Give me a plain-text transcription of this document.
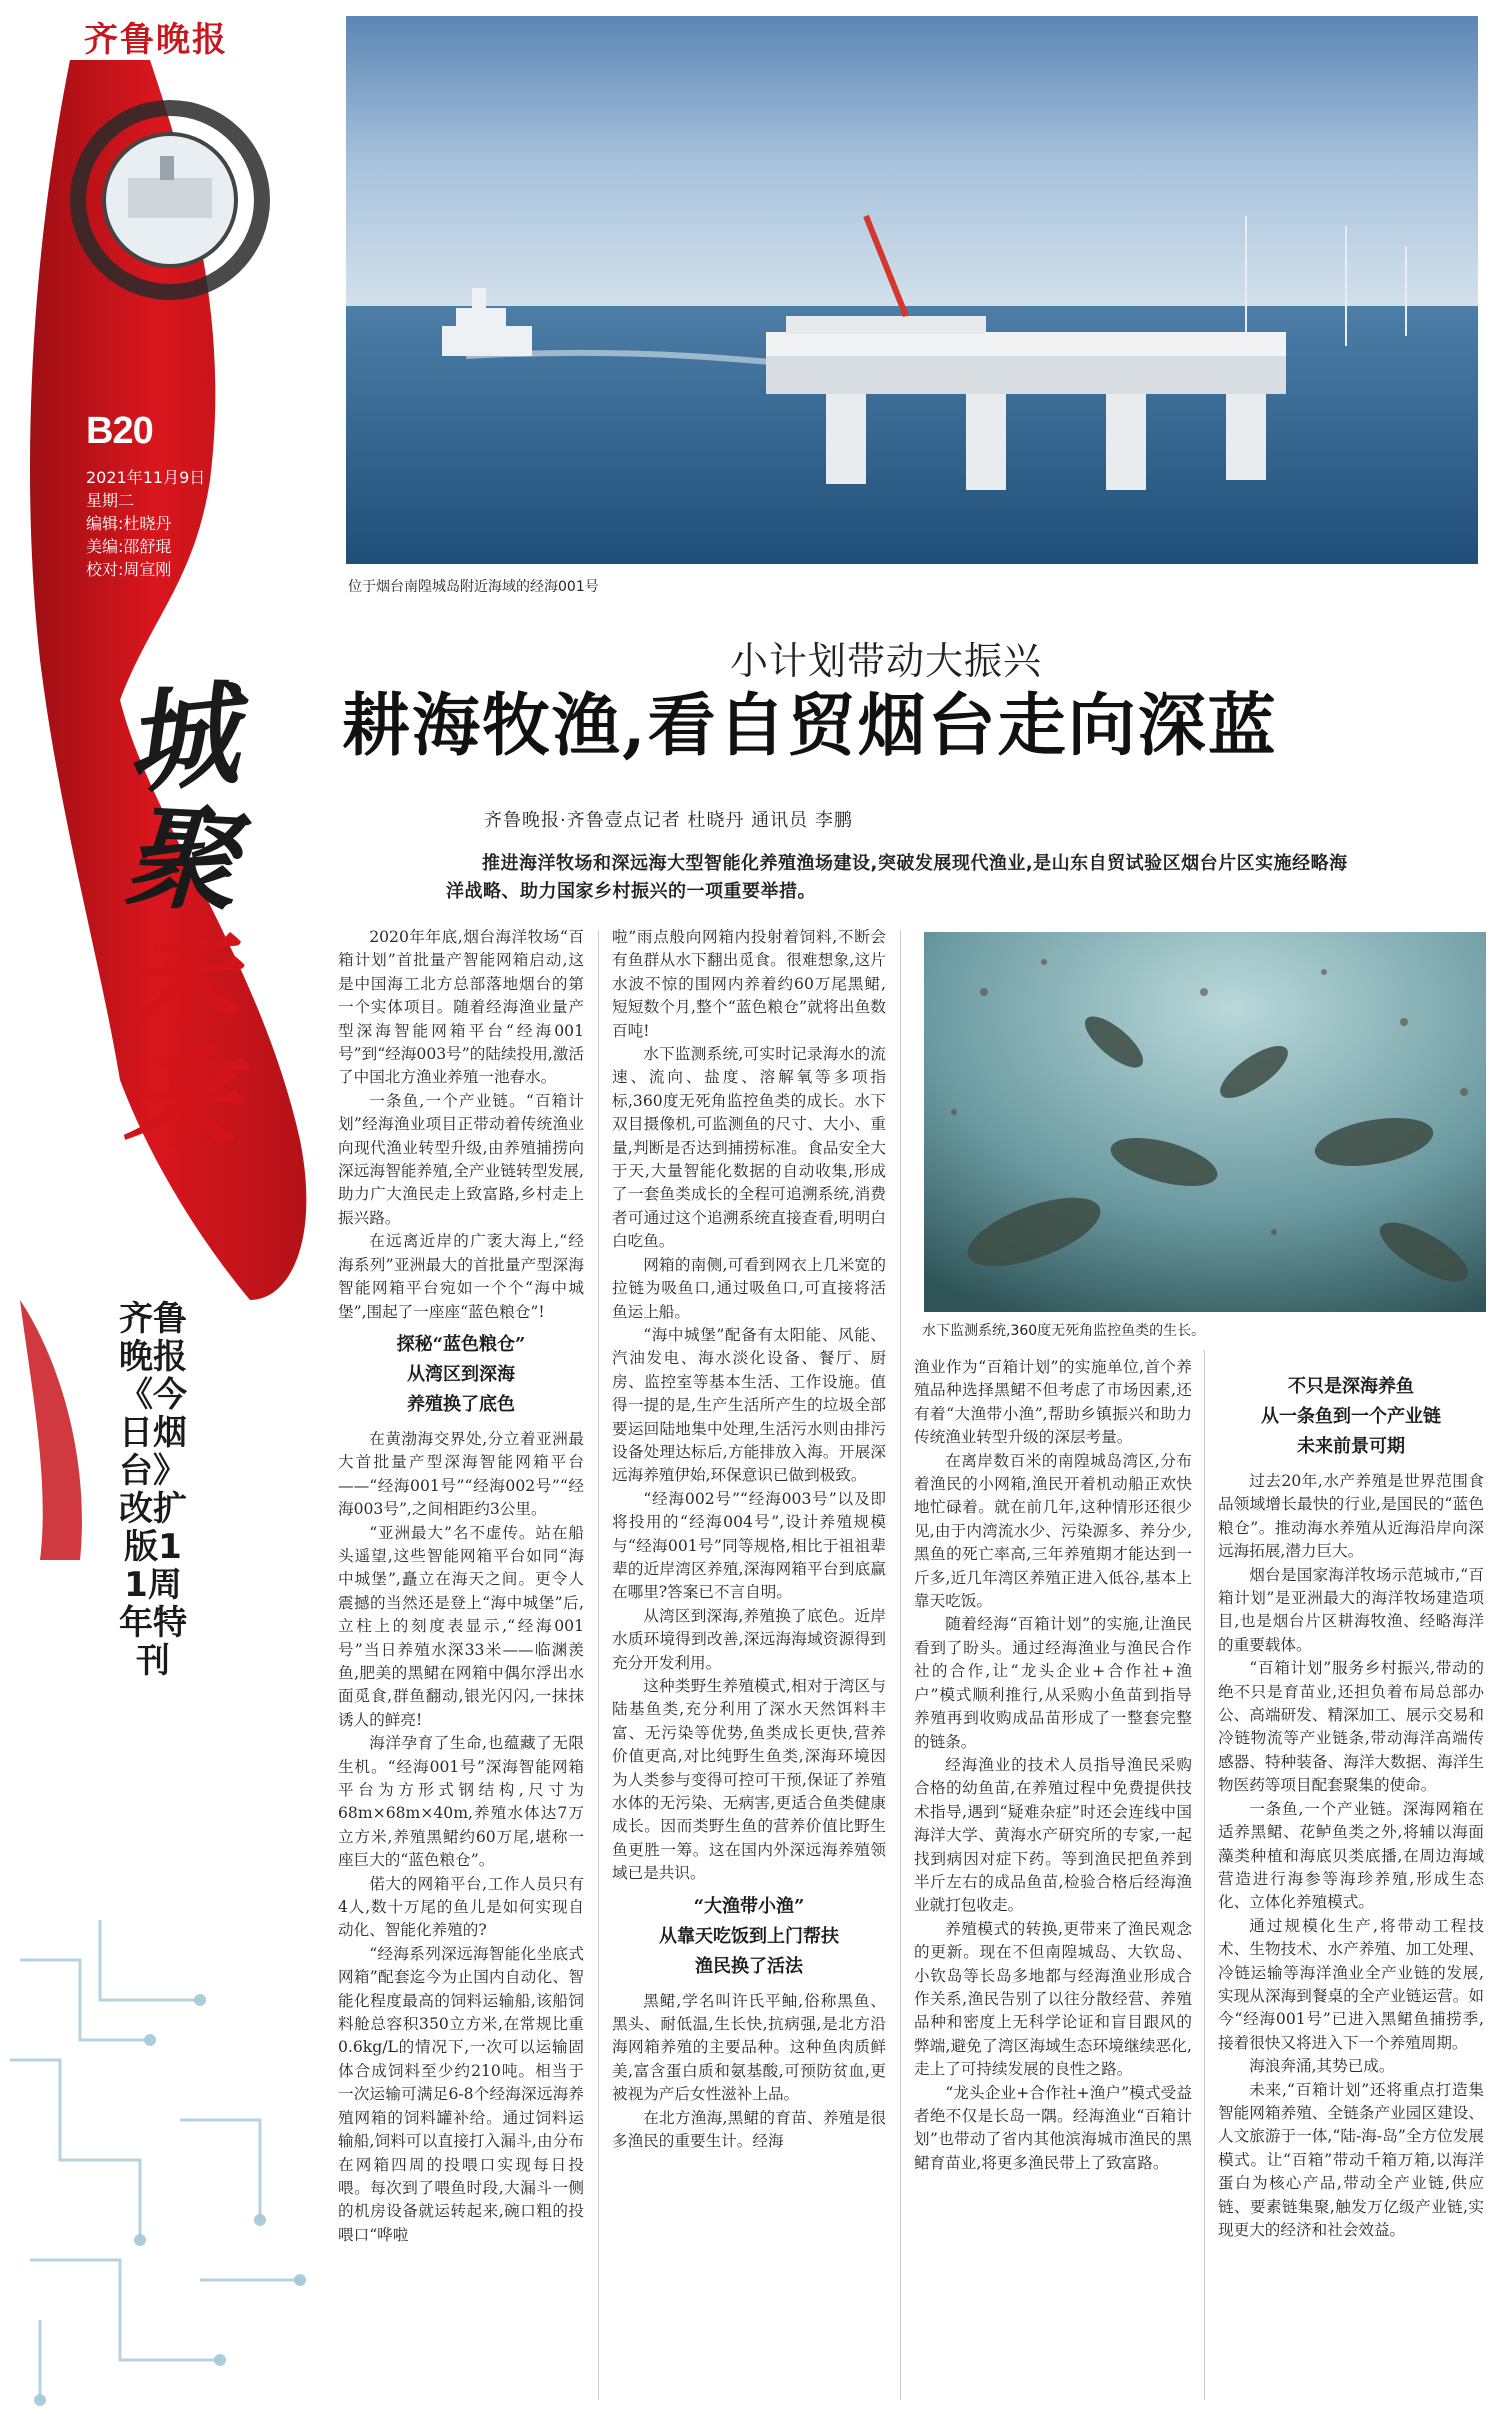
齐鲁晚报
B20
2021年11月9日
星期二
编辑:杜晓丹
美编:邵舒琨
校对:周宣刚
城
聚
未
来
齐鲁晚报《今日烟台》改扩版11周年特刊
位于烟台南隍城岛附近海域的经海001号
小计划带动大振兴
耕海牧渔,看自贸烟台走向深蓝
齐鲁晚报·齐鲁壹点记者 杜晓丹 通讯员 李鹏
推进海洋牧场和深远海大型智能化养殖渔场建设,突破发展现代渔业,是山东自贸试验区烟台片区实施经略海洋战略、助力国家乡村振兴的一项重要举措。

2020年年底,烟台海洋牧场“百箱计划”首批量产智能网箱启动,这是中国海工北方总部落地烟台的第一个实体项目。随着经海渔业量产型深海智能网箱平台“经海001号”到“经海003号”的陆续投用,激活了中国北方渔业养殖一池春水。

一条鱼,一个产业链。“百箱计划”经海渔业项目正带动着传统渔业向现代渔业转型升级,由养殖捕捞向深远海智能养殖,全产业链转型发展,助力广大渔民走上致富路,乡村走上振兴路。

在远离近岸的广袤大海上,“经海系列”亚洲最大的首批量产型深海智能网箱平台宛如一个个“海中城堡”,围起了一座座“蓝色粮仓”!

探秘“蓝色粮仓”
从湾区到深海
养殖换了底色

在黄渤海交界处,分立着亚洲最大首批量产型深海智能网箱平台——“经海001号”“经海002号”“经海003号”,之间相距约3公里。

“亚洲最大”名不虚传。站在船头遥望,这些智能网箱平台如同“海中城堡”,矗立在海天之间。更令人震撼的当然还是登上“海中城堡”后,立柱上的刻度表显示,“经海001号”当日养殖水深33米——临渊羡鱼,肥美的黑鲪在网箱中偶尔浮出水面觅食,群鱼翻动,银光闪闪,一抹抹诱人的鲜亮!

海洋孕育了生命,也蕴藏了无限生机。“经海001号”深海智能网箱平台为方形式钢结构,尺寸为68m×68m×40m,养殖水体达7万立方米,养殖黑鲪约60万尾,堪称一座巨大的“蓝色粮仓”。

偌大的网箱平台,工作人员只有4人,数十万尾的鱼儿是如何实现自动化、智能化养殖的?

“经海系列深远海智能化坐底式网箱”配套迄今为止国内自动化、智能化程度最高的饲料运输船,该船饲料舱总容积350立方米,在常规比重0.6kg/L的情况下,一次可以运输固体合成饲料至少约210吨。相当于一次运输可满足6-8个经海深远海养殖网箱的饲料罐补给。通过饲料运输船,饲料可以直接打入漏斗,由分布在网箱四周的投喂口实现每日投喂。每次到了喂鱼时段,大漏斗一侧的机房设备就运转起来,碗口粗的投喂口“哗啦

啦”雨点般向网箱内投射着饲料,不断会有鱼群从水下翻出觅食。很难想象,这片水波不惊的围网内养着约60万尾黑鲪,短短数个月,整个“蓝色粮仓”就将出鱼数百吨!

水下监测系统,可实时记录海水的流速、流向、盐度、溶解氧等多项指标,360度无死角监控鱼类的成长。水下双目摄像机,可监测鱼的尺寸、大小、重量,判断是否达到捕捞标准。食品安全大于天,大量智能化数据的自动收集,形成了一套鱼类成长的全程可追溯系统,消费者可通过这个追溯系统直接查看,明明白白吃鱼。

网箱的南侧,可看到网衣上几米宽的拉链为吸鱼口,通过吸鱼口,可直接将活鱼运上船。

“海中城堡”配备有太阳能、风能、汽油发电、海水淡化设备、餐厅、厨房、监控室等基本生活、工作设施。值得一提的是,生产生活所产生的垃圾全部要运回陆地集中处理,生活污水则由排污设备处理达标后,方能排放入海。开展深远海养殖伊始,环保意识已做到极致。

“经海002号”“经海003号”以及即将投用的“经海004号”,设计养殖规模与“经海001号”同等规格,相比于祖祖辈辈的近岸湾区养殖,深海网箱平台到底赢在哪里?答案已不言自明。

从湾区到深海,养殖换了底色。近岸水质环境得到改善,深远海海域资源得到充分开发利用。

这种类野生养殖模式,相对于湾区与陆基鱼类,充分利用了深水天然饵料丰富、无污染等优势,鱼类成长更快,营养价值更高,对比纯野生鱼类,深海环境因为人类参与变得可控可干预,保证了养殖水体的无污染、无病害,更适合鱼类健康成长。因而类野生鱼的营养价值比野生鱼更胜一筹。这在国内外深远海养殖领域已是共识。

“大渔带小渔”
从靠天吃饭到上门帮扶
渔民换了活法

黑鲪,学名叫许氏平鲉,俗称黑鱼、黑头、耐低温,生长快,抗病强,是北方沿海网箱养殖的主要品种。这种鱼肉质鲜美,富含蛋白质和氨基酸,可预防贫血,更被视为产后女性滋补上品。

在北方渔海,黑鲪的育苗、养殖是很多渔民的重要生计。经海

水下监测系统,360度无死角监控鱼类的生长。

渔业作为“百箱计划”的实施单位,首个养殖品种选择黑鲪不但考虑了市场因素,还有着“大渔带小渔”,帮助乡镇振兴和助力传统渔业转型升级的深层考量。

在离岸数百米的南隍城岛湾区,分布着渔民的小网箱,渔民开着机动船正欢快地忙碌着。就在前几年,这种情形还很少见,由于内湾流水少、污染源多、养分少,黑鱼的死亡率高,三年养殖期才能达到一斤多,近几年湾区养殖正进入低谷,基本上靠天吃饭。

随着经海“百箱计划”的实施,让渔民看到了盼头。通过经海渔业与渔民合作社的合作,让“龙头企业+合作社+渔户”模式顺利推行,从采购小鱼苗到指导养殖再到收购成品苗形成了一整套完整的链条。

经海渔业的技术人员指导渔民采购合格的幼鱼苗,在养殖过程中免费提供技术指导,遇到“疑难杂症”时还会连线中国海洋大学、黄海水产研究所的专家,一起找到病因对症下药。等到渔民把鱼养到半斤左右的成品鱼苗,检验合格后经海渔业就打包收走。

养殖模式的转换,更带来了渔民观念的更新。现在不但南隍城岛、大钦岛、小钦岛等长岛多地都与经海渔业形成合作关系,渔民告别了以往分散经营、养殖品种和密度上无科学论证和盲目跟风的弊端,避免了湾区海域生态环境继续恶化,走上了可持续发展的良性之路。

“龙头企业+合作社+渔户”模式受益者绝不仅是长岛一隅。经海渔业“百箱计划”也带动了省内其他滨海城市渔民的黑鲪育苗业,将更多渔民带上了致富路。

不只是深海养鱼
从一条鱼到一个产业链
未来前景可期

过去20年,水产养殖是世界范围食品领域增长最快的行业,是国民的“蓝色粮仓”。推动海水养殖从近海沿岸向深远海拓展,潜力巨大。

烟台是国家海洋牧场示范城市,“百箱计划”是亚洲最大的海洋牧场建造项目,也是烟台片区耕海牧渔、经略海洋的重要载体。

“百箱计划”服务乡村振兴,带动的绝不只是育苗业,还担负着布局总部办公、高端研发、精深加工、展示交易和冷链物流等产业链条,带动海洋高端传感器、特种装备、海洋大数据、海洋生物医药等项目配套聚集的使命。

一条鱼,一个产业链。深海网箱在适养黑鲪、花鲈鱼类之外,将辅以海面藻类种植和海底贝类底播,在周边海域营造进行海参等海珍养殖,形成生态化、立体化养殖模式。

通过规模化生产,将带动工程技术、生物技术、水产养殖、加工处理、冷链运输等海洋渔业全产业链的发展,实现从深海到餐桌的全产业链运营。如今“经海001号”已进入黑鲪鱼捕捞季,接着很快又将进入下一个养殖周期。

海浪奔涌,其势已成。

未来,“百箱计划”还将重点打造集智能网箱养殖、全链条产业园区建设、人文旅游于一体,“陆-海-岛”全方位发展模式。让“百箱”带动千箱万箱,以海洋蛋白为核心产品,带动全产业链,供应链、要素链集聚,触发万亿级产业链,实现更大的经济和社会效益。
